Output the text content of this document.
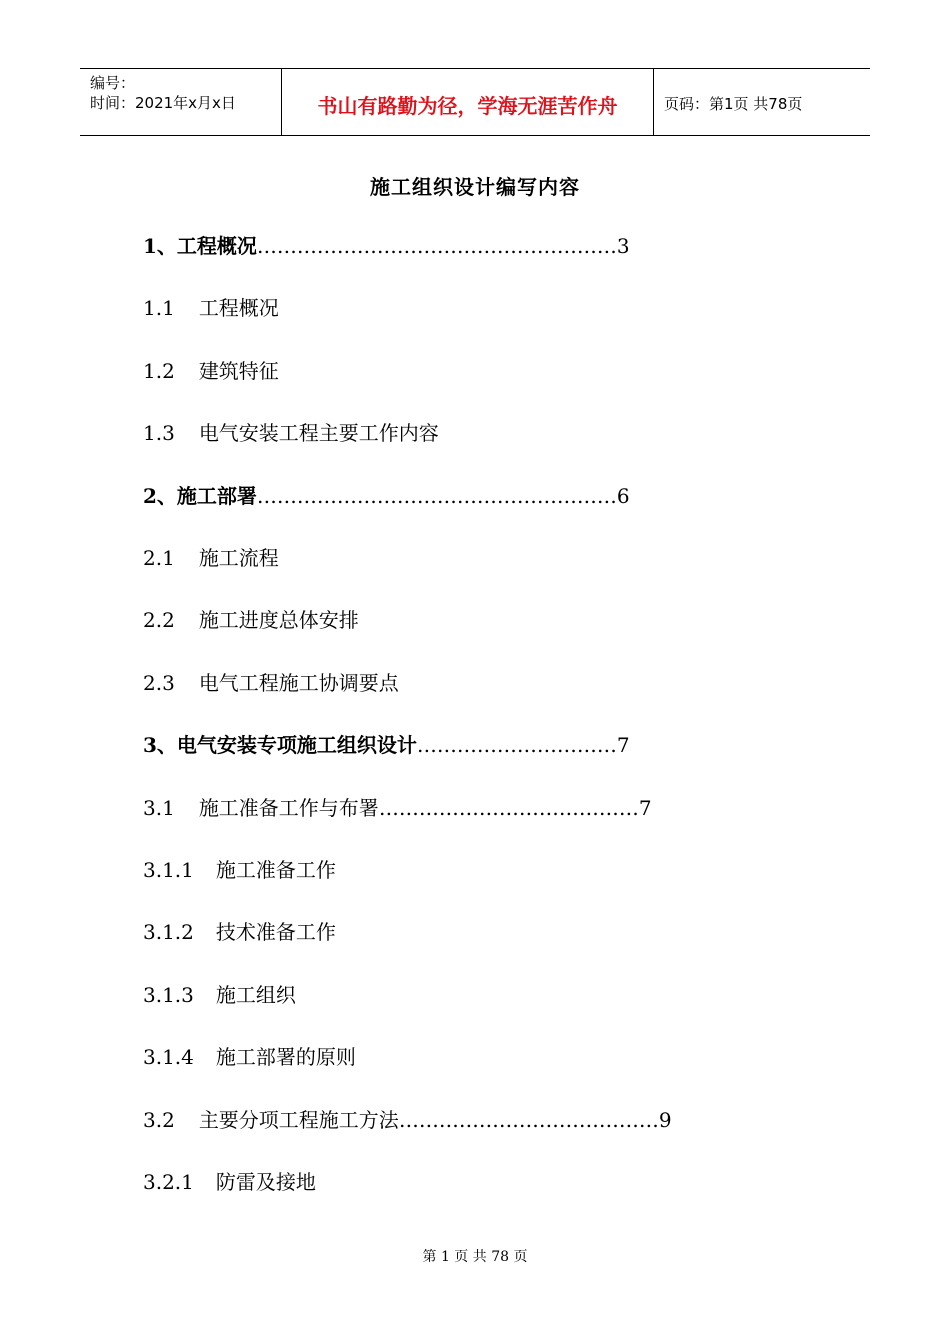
编号：
时间：2021年x月x日	书山有路勤为径，学海无涯苦作舟	页码：第1页 共78页
施工组织设计编写内容
1、 工程概况 ……………………………………………… 3
1.1 工程概况
1.2 建筑特征
1.3 电气安装工程主要工作内容
2、 施工部署 ……………………………………………… 6
2.1 施工流程
2.2 施工进度总体安排
2.3 电气工程施工协调要点
3、 电气安装专项施工组织设计 ………………………… 7
3.1 施工准备工作与布署 ………………………………… 7
3.1.1 施工准备工作
3.1.2 技术准备工作
3.1.3 施工组织
3.1.4 施工部署的原则
3.2 主要分项工程施工方法 ………………………………… 9
3.2.1 防雷及接地
第 1 页 共 78 页
